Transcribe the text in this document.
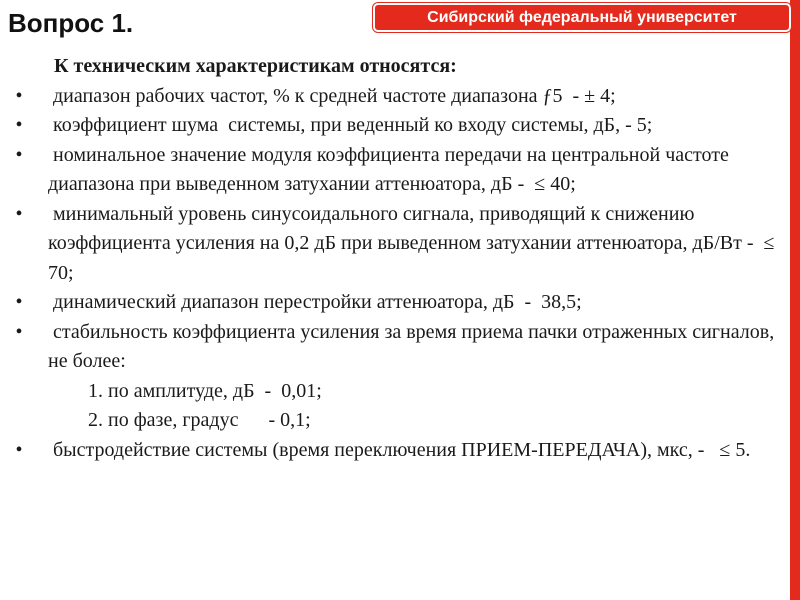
Вопрос 1.	Сибирский федеральный университет
К техническим характеристикам относятся:
• диапазон рабочих частот, % к средней частоте диапазона ƒ5  - ± 4;
• коэффициент шума  системы, при веденный ко входу системы, дБ, - 5;
• номинальное значение модуля коэффициента передачи на центральной частоте диапазона при выведенном затухании аттенюатора, дБ -  ≤ 40;
• минимальный уровень синусоидального сигнала, приводящий к снижению коэффициента усиления на 0,2 дБ при выведенном затухании аттенюатора, дБ/Вт -  ≤ 70;
• динамический диапазон перестройки аттенюатора, дБ  -  38,5;
• стабильность коэффициента усиления за время приема пачки отраженных сигналов, не более:
1. по амплитуде, дБ  -  0,01;
2. по фазе, градус      - 0,1;
• быстродействие системы (время переключения ПРИЕМ-ПЕРЕДАЧА), мкс, -   ≤ 5.
